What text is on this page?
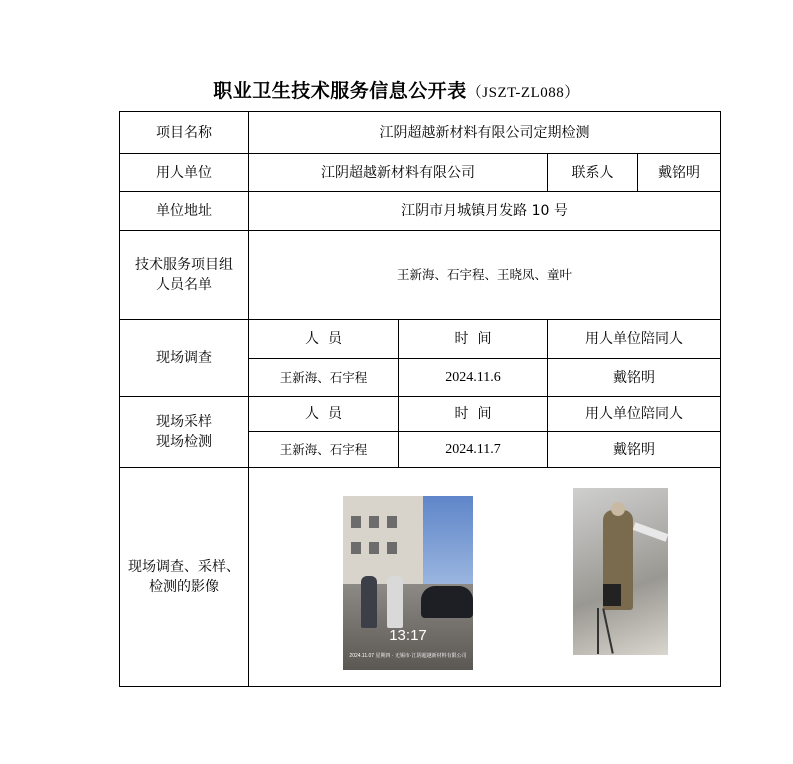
职业卫生技术服务信息公开表（JSZT-ZL088）
项目名称	江阴超越新材料有限公司定期检测			
用人单位	江阴超越新材料有限公司		联系人	戴铭明
单位地址	江阴市月城镇月发路 10 号			
技术服务项目组人员名单	王新海、石宇程、王晓凤、童叶			
现场调查	人  员	时  间	用人单位陪同人	
	王新海、石宇程	2024.11.6	戴铭明	
现场采样现场检测	人  员	时  间	用人单位陪同人	
	王新海、石宇程	2024.11.7	戴铭明	
现场调查、采样、检测的影像	13:17
2024.11.07 星期四 · 无锡市·江阴超越新材料有限公司			
